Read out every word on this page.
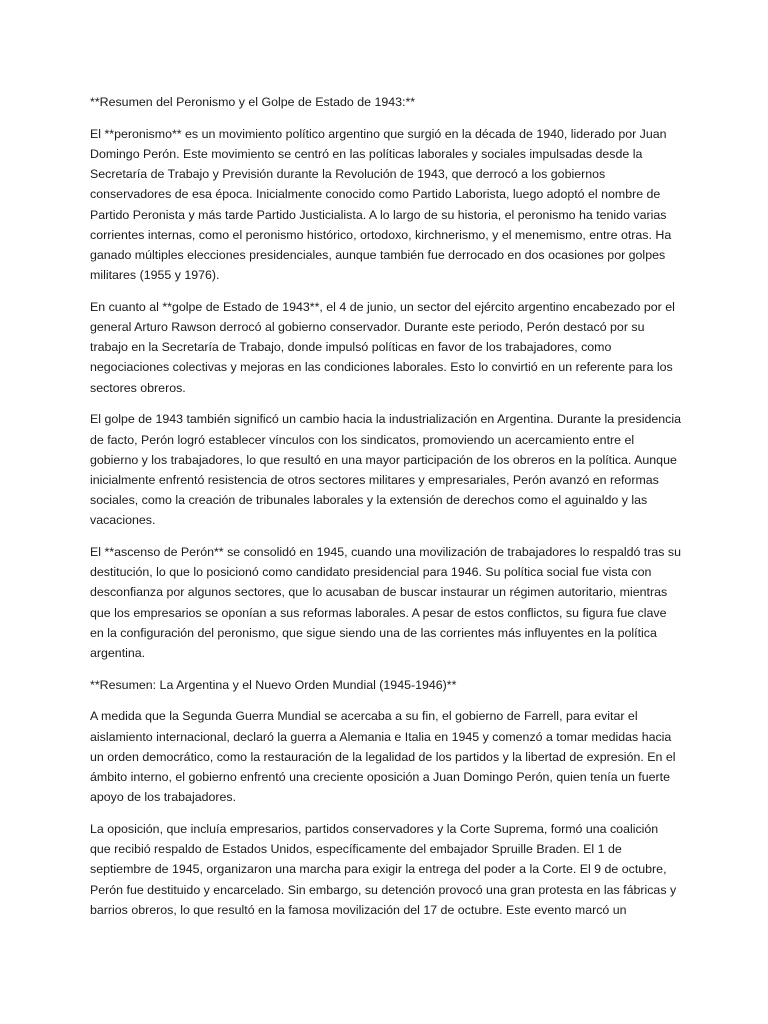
**Resumen del Peronismo y el Golpe de Estado de 1943:**

El **peronismo** es un movimiento político argentino que surgió en la década de 1940, liderado por Juan Domingo Perón. Este movimiento se centró en las políticas laborales y sociales impulsadas desde la Secretaría de Trabajo y Previsión durante la Revolución de 1943, que derrocó a los gobiernos conservadores de esa época. Inicialmente conocido como Partido Laborista, luego adoptó el nombre de Partido Peronista y más tarde Partido Justicialista. A lo largo de su historia, el peronismo ha tenido varias corrientes internas, como el peronismo histórico, ortodoxo, kirchnerismo, y el menemismo, entre otras. Ha ganado múltiples elecciones presidenciales, aunque también fue derrocado en dos ocasiones por golpes militares (1955 y 1976).

En cuanto al **golpe de Estado de 1943**, el 4 de junio, un sector del ejército argentino encabezado por el general Arturo Rawson derrocó al gobierno conservador. Durante este periodo, Perón destacó por su trabajo en la Secretaría de Trabajo, donde impulsó políticas en favor de los trabajadores, como negociaciones colectivas y mejoras en las condiciones laborales. Esto lo convirtió en un referente para los sectores obreros.

El golpe de 1943 también significó un cambio hacia la industrialización en Argentina. Durante la presidencia de facto, Perón logró establecer vínculos con los sindicatos, promoviendo un acercamiento entre el gobierno y los trabajadores, lo que resultó en una mayor participación de los obreros en la política. Aunque inicialmente enfrentó resistencia de otros sectores militares y empresariales, Perón avanzó en reformas sociales, como la creación de tribunales laborales y la extensión de derechos como el aguinaldo y las vacaciones.

El **ascenso de Perón** se consolidó en 1945, cuando una movilización de trabajadores lo respaldó tras su destitución, lo que lo posicionó como candidato presidencial para 1946. Su política social fue vista con desconfianza por algunos sectores, que lo acusaban de buscar instaurar un régimen autoritario, mientras que los empresarios se oponían a sus reformas laborales. A pesar de estos conflictos, su figura fue clave en la configuración del peronismo, que sigue siendo una de las corrientes más influyentes en la política argentina.

**Resumen: La Argentina y el Nuevo Orden Mundial (1945-1946)**

A medida que la Segunda Guerra Mundial se acercaba a su fin, el gobierno de Farrell, para evitar el aislamiento internacional, declaró la guerra a Alemania e Italia en 1945 y comenzó a tomar medidas hacia un orden democrático, como la restauración de la legalidad de los partidos y la libertad de expresión. En el ámbito interno, el gobierno enfrentó una creciente oposición a Juan Domingo Perón, quien tenía un fuerte apoyo de los trabajadores.

La oposición, que incluía empresarios, partidos conservadores y la Corte Suprema, formó una coalición que recibió respaldo de Estados Unidos, específicamente del embajador Spruille Braden. El 1 de septiembre de 1945, organizaron una marcha para exigir la entrega del poder a la Corte. El 9 de octubre, Perón fue destituido y encarcelado. Sin embargo, su detención provocó una gran protesta en las fábricas y barrios obreros, lo que resultó en la famosa movilización del 17 de octubre. Este evento marcó un
